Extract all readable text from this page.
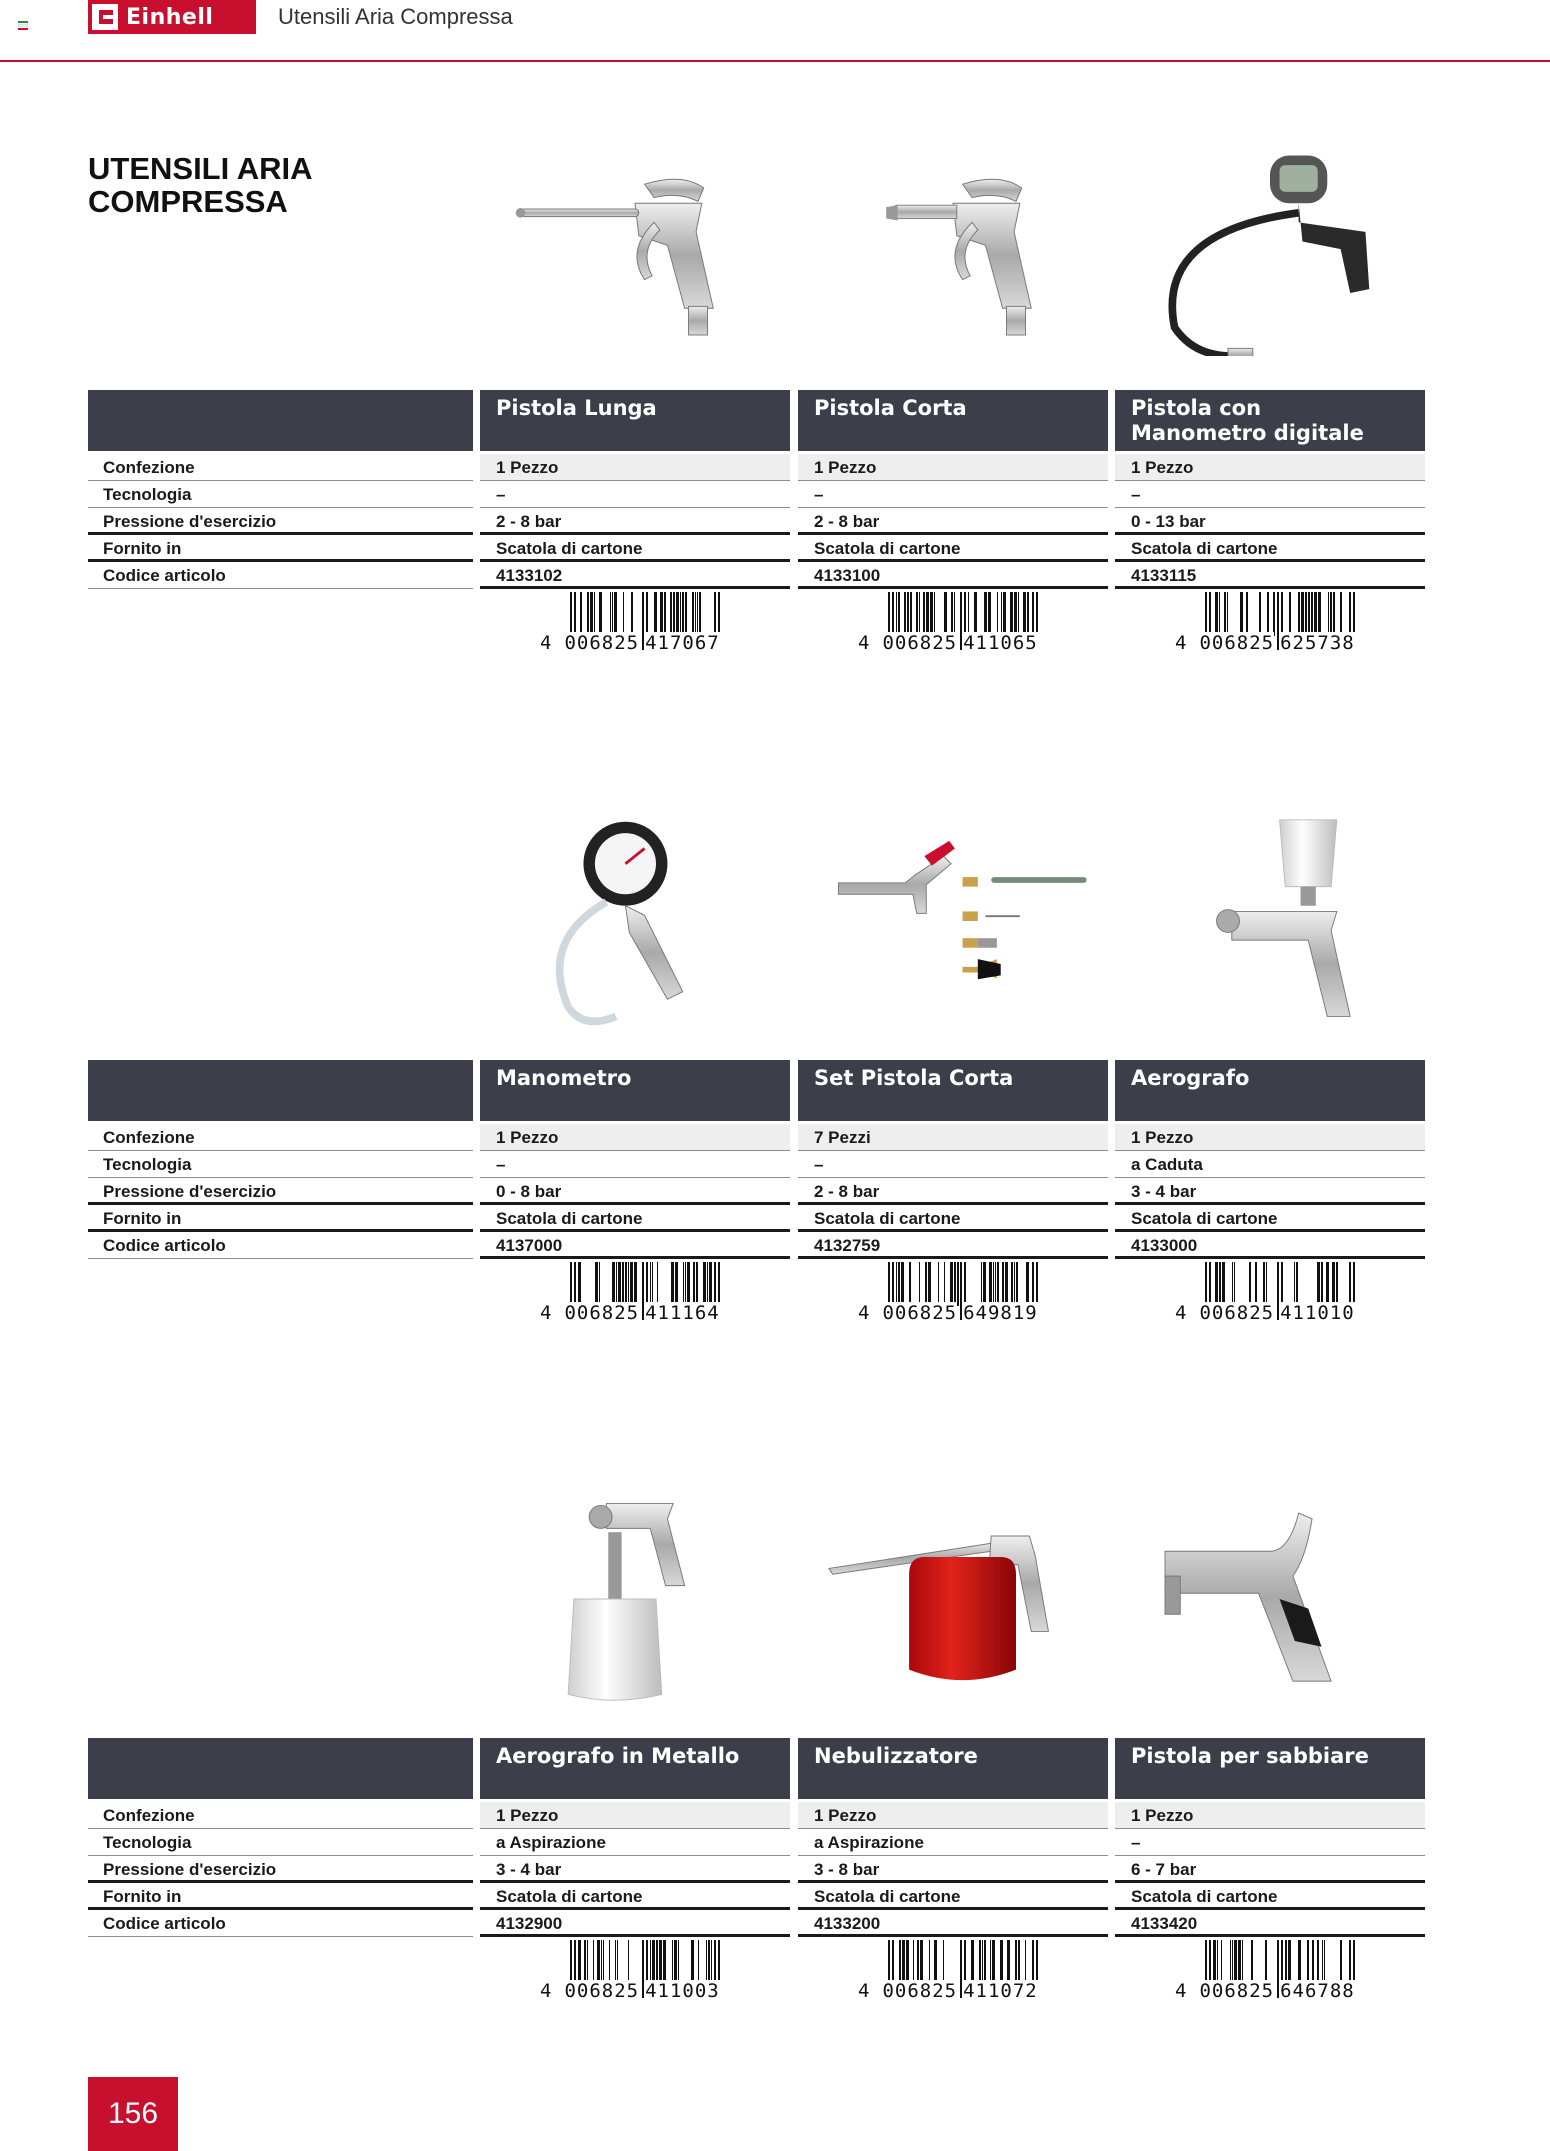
Einhell	Utensili Aria Compressa
UTENSILI ARIA
COMPRESSA
Confezione
Tecnologia
Pressione d'esercizio
Fornito in
Codice articolo
Pistola Lunga
1 Pezzo
–
2 - 8 bar
Scatola di cartone
4133102
4 006825 417067
Pistola Corta
1 Pezzo
–
2 - 8 bar
Scatola di cartone
4133100
4 006825 411065
Pistola con
Manometro digitale
1 Pezzo
–
0 - 13 bar
Scatola di cartone
4133115
4 006825 625738
Confezione
Tecnologia
Pressione d'esercizio
Fornito in
Codice articolo
Manometro
1 Pezzo
–
0 - 8 bar
Scatola di cartone
4137000
4 006825 411164
Set Pistola Corta
7 Pezzi
–
2 - 8 bar
Scatola di cartone
4132759
4 006825 649819
Aerografo
1 Pezzo
a Caduta
3 - 4 bar
Scatola di cartone
4133000
4 006825 411010
Confezione
Tecnologia
Pressione d'esercizio
Fornito in
Codice articolo
Aerografo in Metallo
1 Pezzo
a Aspirazione
3 - 4 bar
Scatola di cartone
4132900
4 006825 411003
Nebulizzatore
1 Pezzo
a Aspirazione
3 - 8 bar
Scatola di cartone
4133200
4 006825 411072
Pistola per sabbiare
1 Pezzo
–
6 - 7 bar
Scatola di cartone
4133420
4 006825 646788
156
